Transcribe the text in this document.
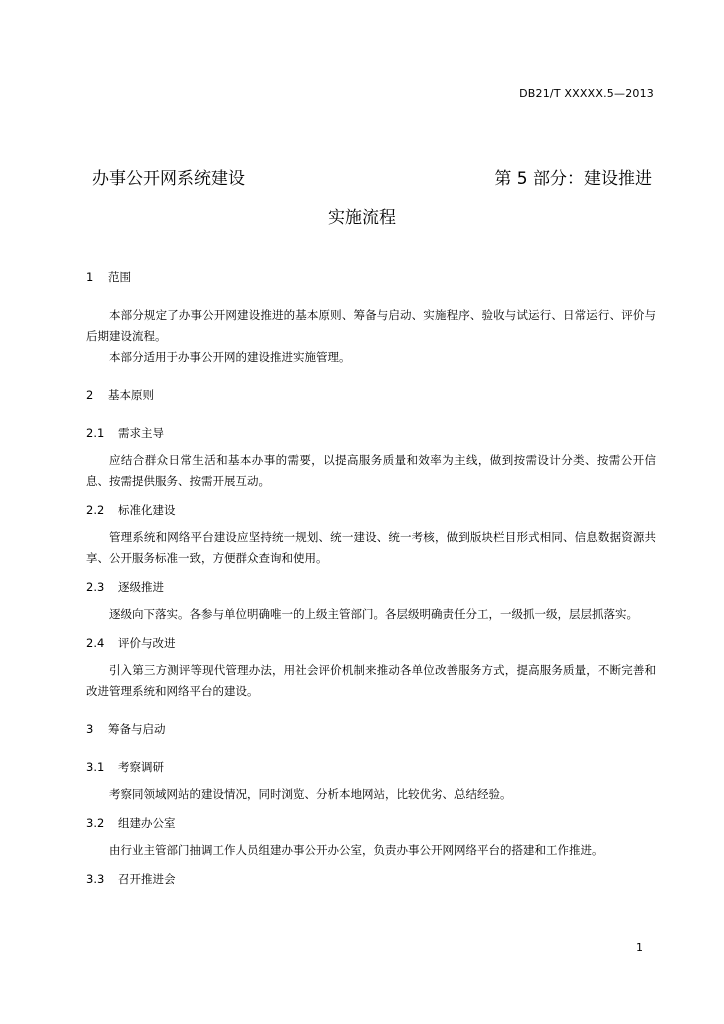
DB21/T XXXXX.5—2013
办事公开网系统建设	第 5 部分：建设推进
实施流程
1 范围

本部分规定了办事公开网建设推进的基本原则、筹备与启动、实施程序、验收与试运行、日常运行、评价与后期建设流程。

本部分适用于办事公开网的建设推进实施管理。

2 基本原则
2.1 需求主导

应结合群众日常生活和基本办事的需要，以提高服务质量和效率为主线，做到按需设计分类、按需公开信息、按需提供服务、按需开展互动。

2.2 标准化建设

管理系统和网络平台建设应坚持统一规划、统一建设、统一考核，做到版块栏目形式相同、信息数据资源共享、公开服务标准一致，方便群众查询和使用。

2.3 逐级推进

逐级向下落实。各参与单位明确唯一的上级主管部门。各层级明确责任分工，一级抓一级，层层抓落实。

2.4 评价与改进

引入第三方测评等现代管理办法，用社会评价机制来推动各单位改善服务方式，提高服务质量，不断完善和改进管理系统和网络平台的建设。

3 筹备与启动
3.1 考察调研

考察同领域网站的建设情况，同时浏览、分析本地网站，比较优劣、总结经验。

3.2 组建办公室

由行业主管部门抽调工作人员组建办事公开办公室，负责办事公开网网络平台的搭建和工作推进。

3.3 召开推进会
1
